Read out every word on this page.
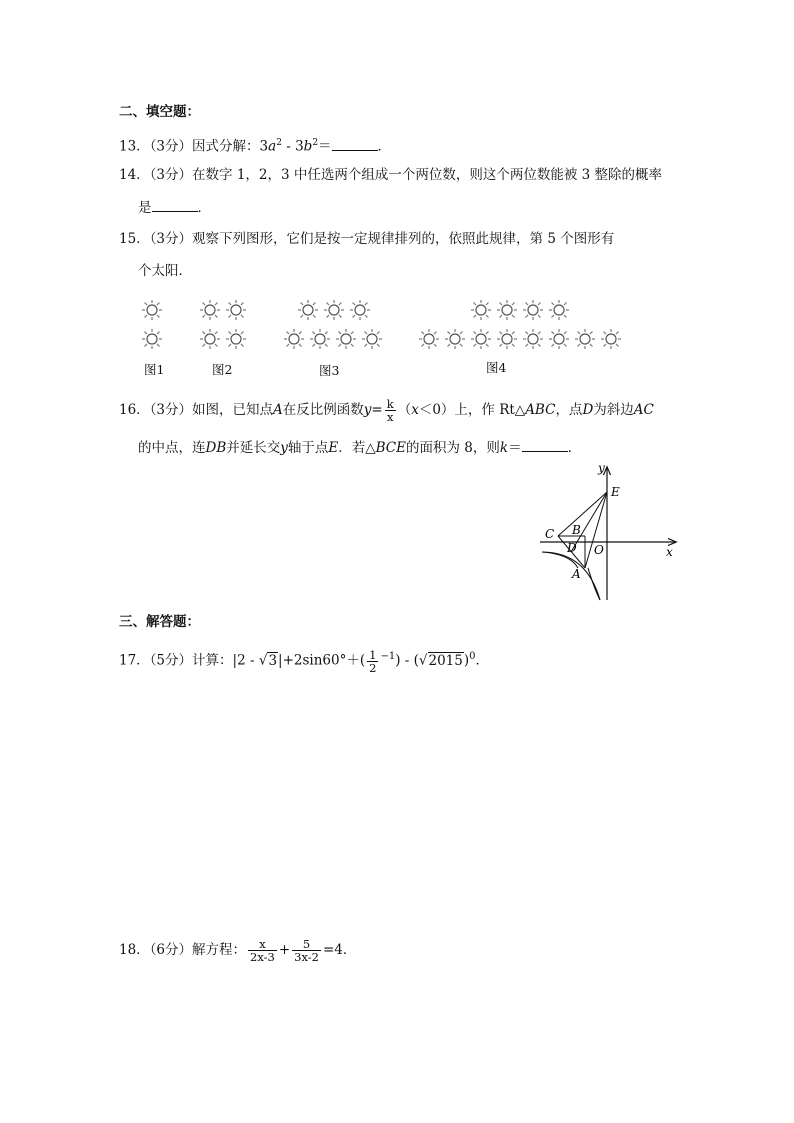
二、填空题：
13．（3分）因式分解：$3a^2 - 3b^2=$	．
14．（3分）在数字 1，2，3 中任选两个组成一个两位数，则这个两位数能被 3 整除的概率
是	．
15．（3分）观察下列图形，它们是按一定规律排列的，依照此规律，第 5 个图形有
个太阳．
图1	图2	图3	图4
16．（3分）如图，已知点A在反比例函数$y= \frac{k}{x} (x<0)$上，作 Rt△ABC，点D为斜边AC
的中点，连DB并延长交y轴于点E．若△BCE的面积为 8，则k＝	．
y
x
E
C B
D O
A
三、解答题：
17．（5分）计算：$|2 - √3|+2\sin 60^\circ+( \frac{1}{2} ^{-1}) - (√2015)^0$．
18．（6分）解方程： $\frac{x}{2x-3} + \frac{5}{3x-2} =4$．
